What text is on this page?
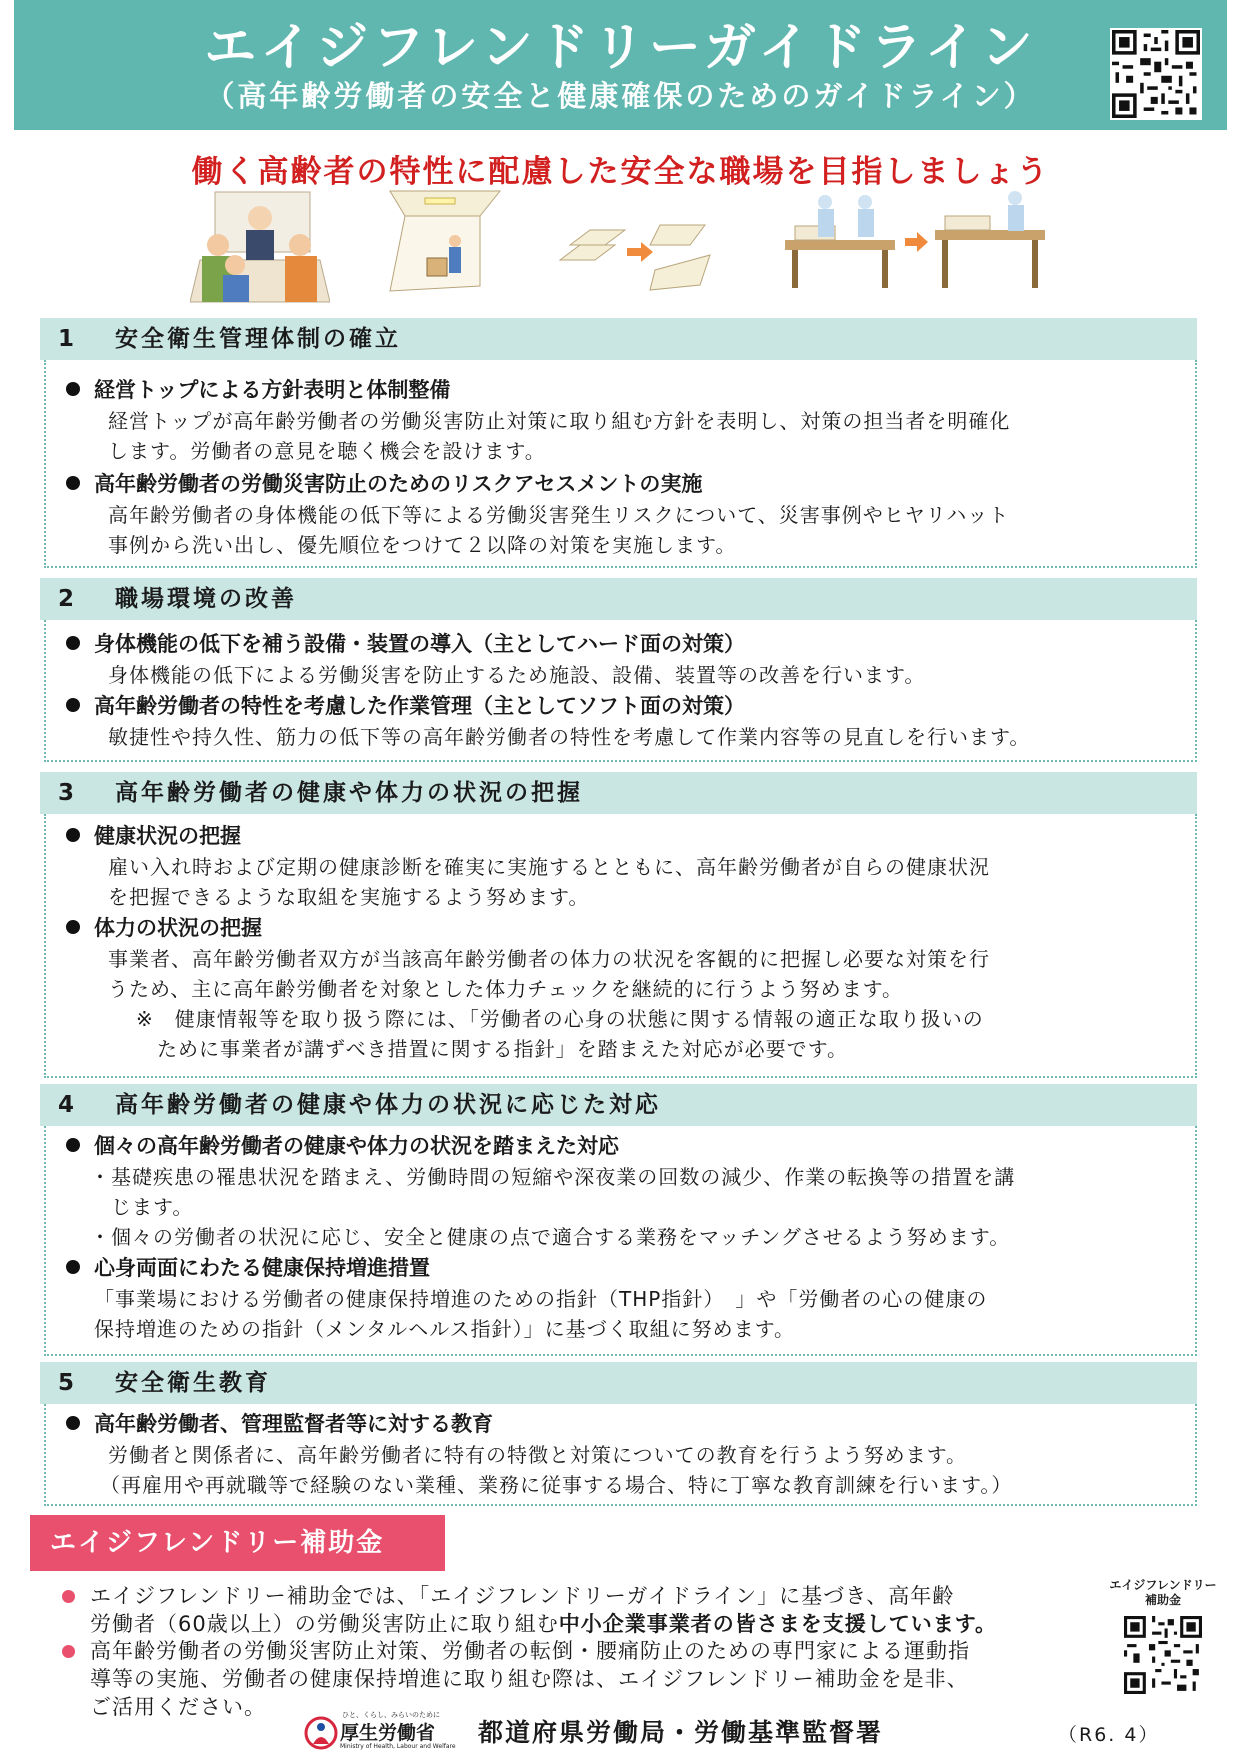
エイジフレンドリーガイドライン
（高年齢労働者の安全と健康確保のためのガイドライン）
働く高齢者の特性に配慮した安全な職場を目指しましょう
1 安全衛生管理体制の確立
経営トップによる方針表明と体制整備
経営トップが高年齢労働者の労働災害防止対策に取り組む方針を表明し、対策の担当者を明確化
します。労働者の意見を聴く機会を設けます。
高年齢労働者の労働災害防止のためのリスクアセスメントの実施
高年齢労働者の身体機能の低下等による労働災害発生リスクについて、災害事例やヒヤリハット
事例から洗い出し、優先順位をつけて２以降の対策を実施します。
2 職場環境の改善
身体機能の低下を補う設備・装置の導入（主としてハード面の対策）
身体機能の低下による労働災害を防止するため施設、設備、装置等の改善を行います。
高年齢労働者の特性を考慮した作業管理（主としてソフト面の対策）
敏捷性や持久性、筋力の低下等の高年齢労働者の特性を考慮して作業内容等の見直しを行います。
3 高年齢労働者の健康や体力の状況の把握
健康状況の把握
雇い入れ時および定期の健康診断を確実に実施するとともに、高年齢労働者が自らの健康状況
を把握できるような取組を実施するよう努めます。
体力の状況の把握
事業者、高年齢労働者双方が当該高年齢労働者の体力の状況を客観的に把握し必要な対策を行
うため、主に高年齢労働者を対象とした体力チェックを継続的に行うよう努めます。
※　健康情報等を取り扱う際には、「労働者の心身の状態に関する情報の適正な取り扱いの
　ために事業者が講ずべき措置に関する指針」を踏まえた対応が必要です。
4 高年齢労働者の健康や体力の状況に応じた対応
個々の高年齢労働者の健康や体力の状況を踏まえた対応
・基礎疾患の罹患状況を踏まえ、労働時間の短縮や深夜業の回数の減少、作業の転換等の措置を講
　じます。
・個々の労働者の状況に応じ、安全と健康の点で適合する業務をマッチングさせるよう努めます。
心身両面にわたる健康保持増進措置
「事業場における労働者の健康保持増進のための指針（THP指針）　」や「労働者の心の健康の
保持増進のための指針（メンタルヘルス指針）」に基づく取組に努めます。
5 安全衛生教育
高年齢労働者、管理監督者等に対する教育
労働者と関係者に、高年齢労働者に特有の特徴と対策についての教育を行うよう努めます。
（再雇用や再就職等で経験のない業種、業務に従事する場合、特に丁寧な教育訓練を行います。）
エイジフレンドリー補助金
エイジフレンドリー補助金では、「エイジフレンドリーガイドライン」に基づき、高年齢
労働者（60歳以上）の労働災害防止に取り組む中小企業事業者の皆さまを支援しています。
高年齢労働者の労働災害防止対策、労働者の転倒・腰痛防止のための専門家による運動指
導等の実施、労働者の健康保持増進に取り組む際は、エイジフレンドリー補助金を是非、
ご活用ください。
エイジフレンドリー
補助金
ひと、くらし、みらいのために
厚生労働省
Ministry of Health, Labour and Welfare 都道府県労働局・労働基準監督署	（R6. 4）
